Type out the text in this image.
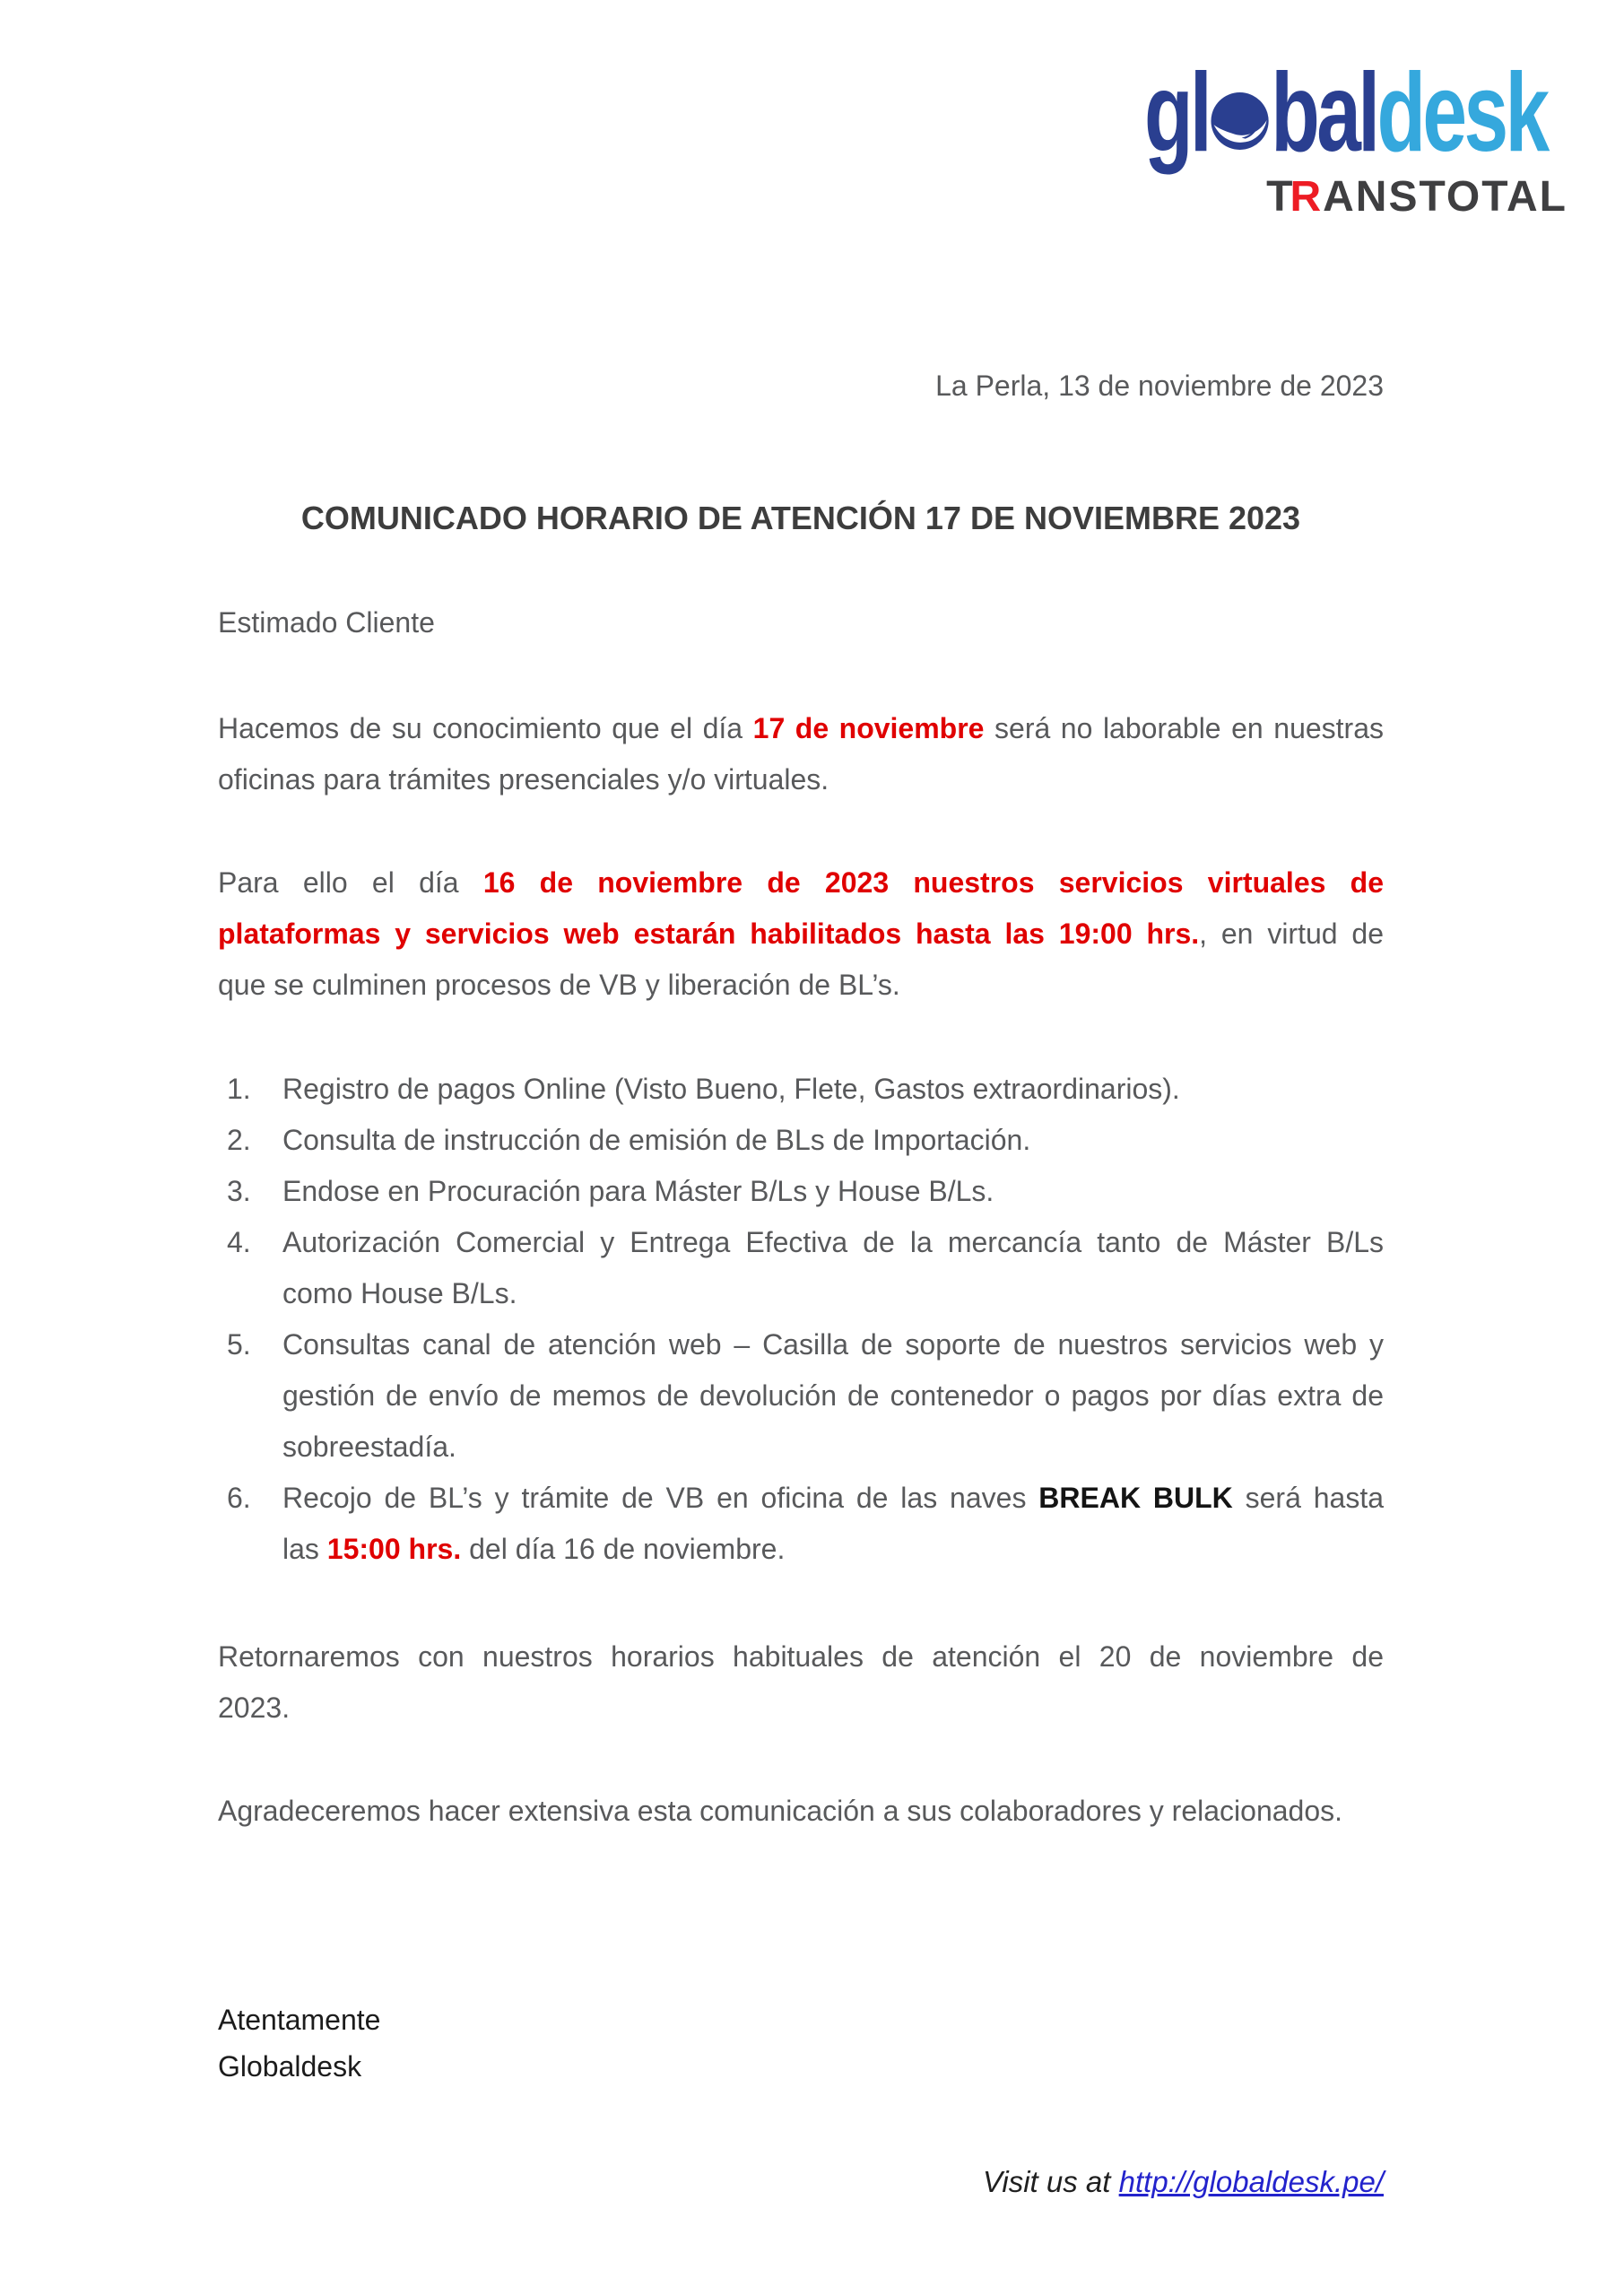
gl baldesk
TRANSTOTAL
La Perla, 13 de noviembre de 2023
COMUNICADO HORARIO DE ATENCIÓN 17 DE NOVIEMBRE 2023
Estimado Cliente
Hacemos de su conocimiento que el día 17 de noviembre será no laborable en nuestras
oficinas para trámites presenciales y/o virtuales.
Para ello el día 16 de noviembre de 2023 nuestros servicios virtuales de
plataformas y servicios web estarán habilitados hasta las 19:00 hrs., en virtud de
que se culminen procesos de VB y liberación de BL’s.
1. Registro de pagos Online (Visto Bueno, Flete, Gastos extraordinarios).
2. Consulta de instrucción de emisión de BLs de Importación.
3. Endose en Procuración para Máster B/Ls y House B/Ls.
4. Autorización Comercial y Entrega Efectiva de la mercancía tanto de Máster B/Ls
como House B/Ls.
5. Consultas canal de atención web – Casilla de soporte de nuestros servicios web y
gestión de envío de memos de devolución de contenedor o pagos por días extra de
sobreestadía.
6. Recojo de BL’s y trámite de VB en oficina de las naves BREAK BULK será hasta
las 15:00 hrs. del día 16 de noviembre.
Retornaremos con nuestros horarios habituales de atención el 20 de noviembre de
2023.
Agradeceremos hacer extensiva esta comunicación a sus colaboradores y relacionados.
Atentamente
Globaldesk
Visit us at http://globaldesk.pe/
